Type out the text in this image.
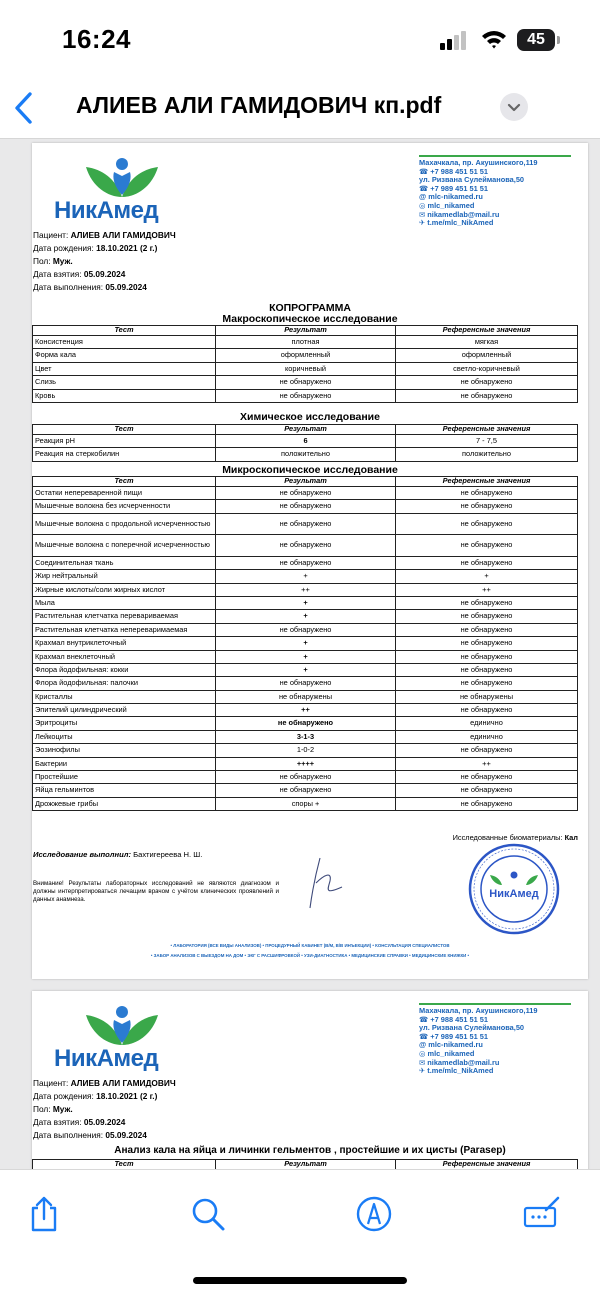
16:24	45
АЛИЕВ АЛИ ГАМИДОВИЧ кп.pdf
НикАмед
Махачкала, пр. Акушинского,119
☎ +7 988 451 51 51
ул. Ризвана Сулейманова,50
☎ +7 989 451 51 51
@ mlc-nikamed.ru
◎ mlc_nikamed
✉ nikamedlab@mail.ru
✈ t.me/mlc_NikAmed
Пациент: АЛИЕВ АЛИ ГАМИДОВИЧ
Дата рождения: 18.10.2021 (2 г.)
Пол: Муж.
Дата взятия: 05.09.2024
Дата выполнения: 05.09.2024
КОПРОГРАММА
Макроскопическое исследование
Тест	Результат	Референсные значения
Консистенция	плотная	мягкая
Форма кала	оформленный	оформленный
Цвет	коричневый	светло-коричневый
Слизь	не обнаружено	не обнаружено
Кровь	не обнаружено	не обнаружено
Химическое исследование
Тест	Результат	Референсные значения
Реакция рН	6	7 - 7,5
Реакция на стеркобилин	положительно	положительно
Микроскопическое исследование
Тест	Результат	Референсные значения
Остатки непереваренной пищи	не обнаружено	не обнаружено
Мышечные волокна без исчерченности	не обнаружено	не обнаружено
Мышечные волокна с продольной исчерченностью	не обнаружено	не обнаружено
Мышечные волокна с поперечной исчерченностью	не обнаружено	не обнаружено
Соединительная ткань	не обнаружено	не обнаружено
Жир нейтральный	+	+
Жирные кислоты/соли жирных кислот	++	++
Мыла	+	не обнаружено
Растительная клетчатка перевариваемая	+	не обнаружено
Растительная клетчатка непереваримаемая	не обнаружено	не обнаружено
Крахмал внутриклеточный	+	не обнаружено
Крахмал внеклеточный	+	не обнаружено
Флора йодофильная: кокки	+	не обнаружено
Флора йодофильная: палочки	не обнаружено	не обнаружено
Кристаллы	не обнаружены	не обнаружены
Эпителий цилиндрический	++	не обнаружено
Эритроциты	не обнаружено	единично
Лейкоциты	3-1-3	единично
Эозинофилы	1-0-2	не обнаружено
Бактерии	++++	++
Простейшие	не обнаружено	не обнаружено
Яйца гельминтов	не обнаружено	не обнаружено
Дрожжевые грибы	споры +	не обнаружено
Исследованные биоматериалы: Кал
Исследование выполнил: Бахтигереева Н. Ш.
Внимание! Результаты лабораторных исследований не являются диагнозом и должны интерпретироваться лечащим врачом с учётом клинических проявлений и данных анамнеза.	НикАмед
• ЛАБОРАТОРИЯ (ВСЕ ВИДЫ АНАЛИЗОВ) • ПРОЦЕДУРНЫЙ КАБИНЕТ (В/М, В/В ИНЪЕКЦИИ) • КОНСУЛЬТАЦИЯ СПЕЦИАЛИСТОВ
• ЗАБОР АНАЛИЗОВ С ВЫЕЗДОМ НА ДОМ • ЭКГ С РАСШИФРОВКОЙ • УЗИ-ДИАГНОСТИКА • МЕДИЦИНСКИЕ СПРАВКИ • МЕДИЦИНСКИЕ КНИЖКИ •
НикАмед
Махачкала, пр. Акушинского,119
☎ +7 988 451 51 51
ул. Ризвана Сулейманова,50
☎ +7 989 451 51 51
@ mlc-nikamed.ru
◎ mlc_nikamed
✉ nikamedlab@mail.ru
✈ t.me/mlc_NikAmed
Пациент: АЛИЕВ АЛИ ГАМИДОВИЧ
Дата рождения: 18.10.2021 (2 г.)
Пол: Муж.
Дата взятия: 05.09.2024
Дата выполнения: 05.09.2024
Анализ кала на яйца и личинки гельментов , простейшие и их цисты (Parasep)
Тест	Результат	Референсные значения
